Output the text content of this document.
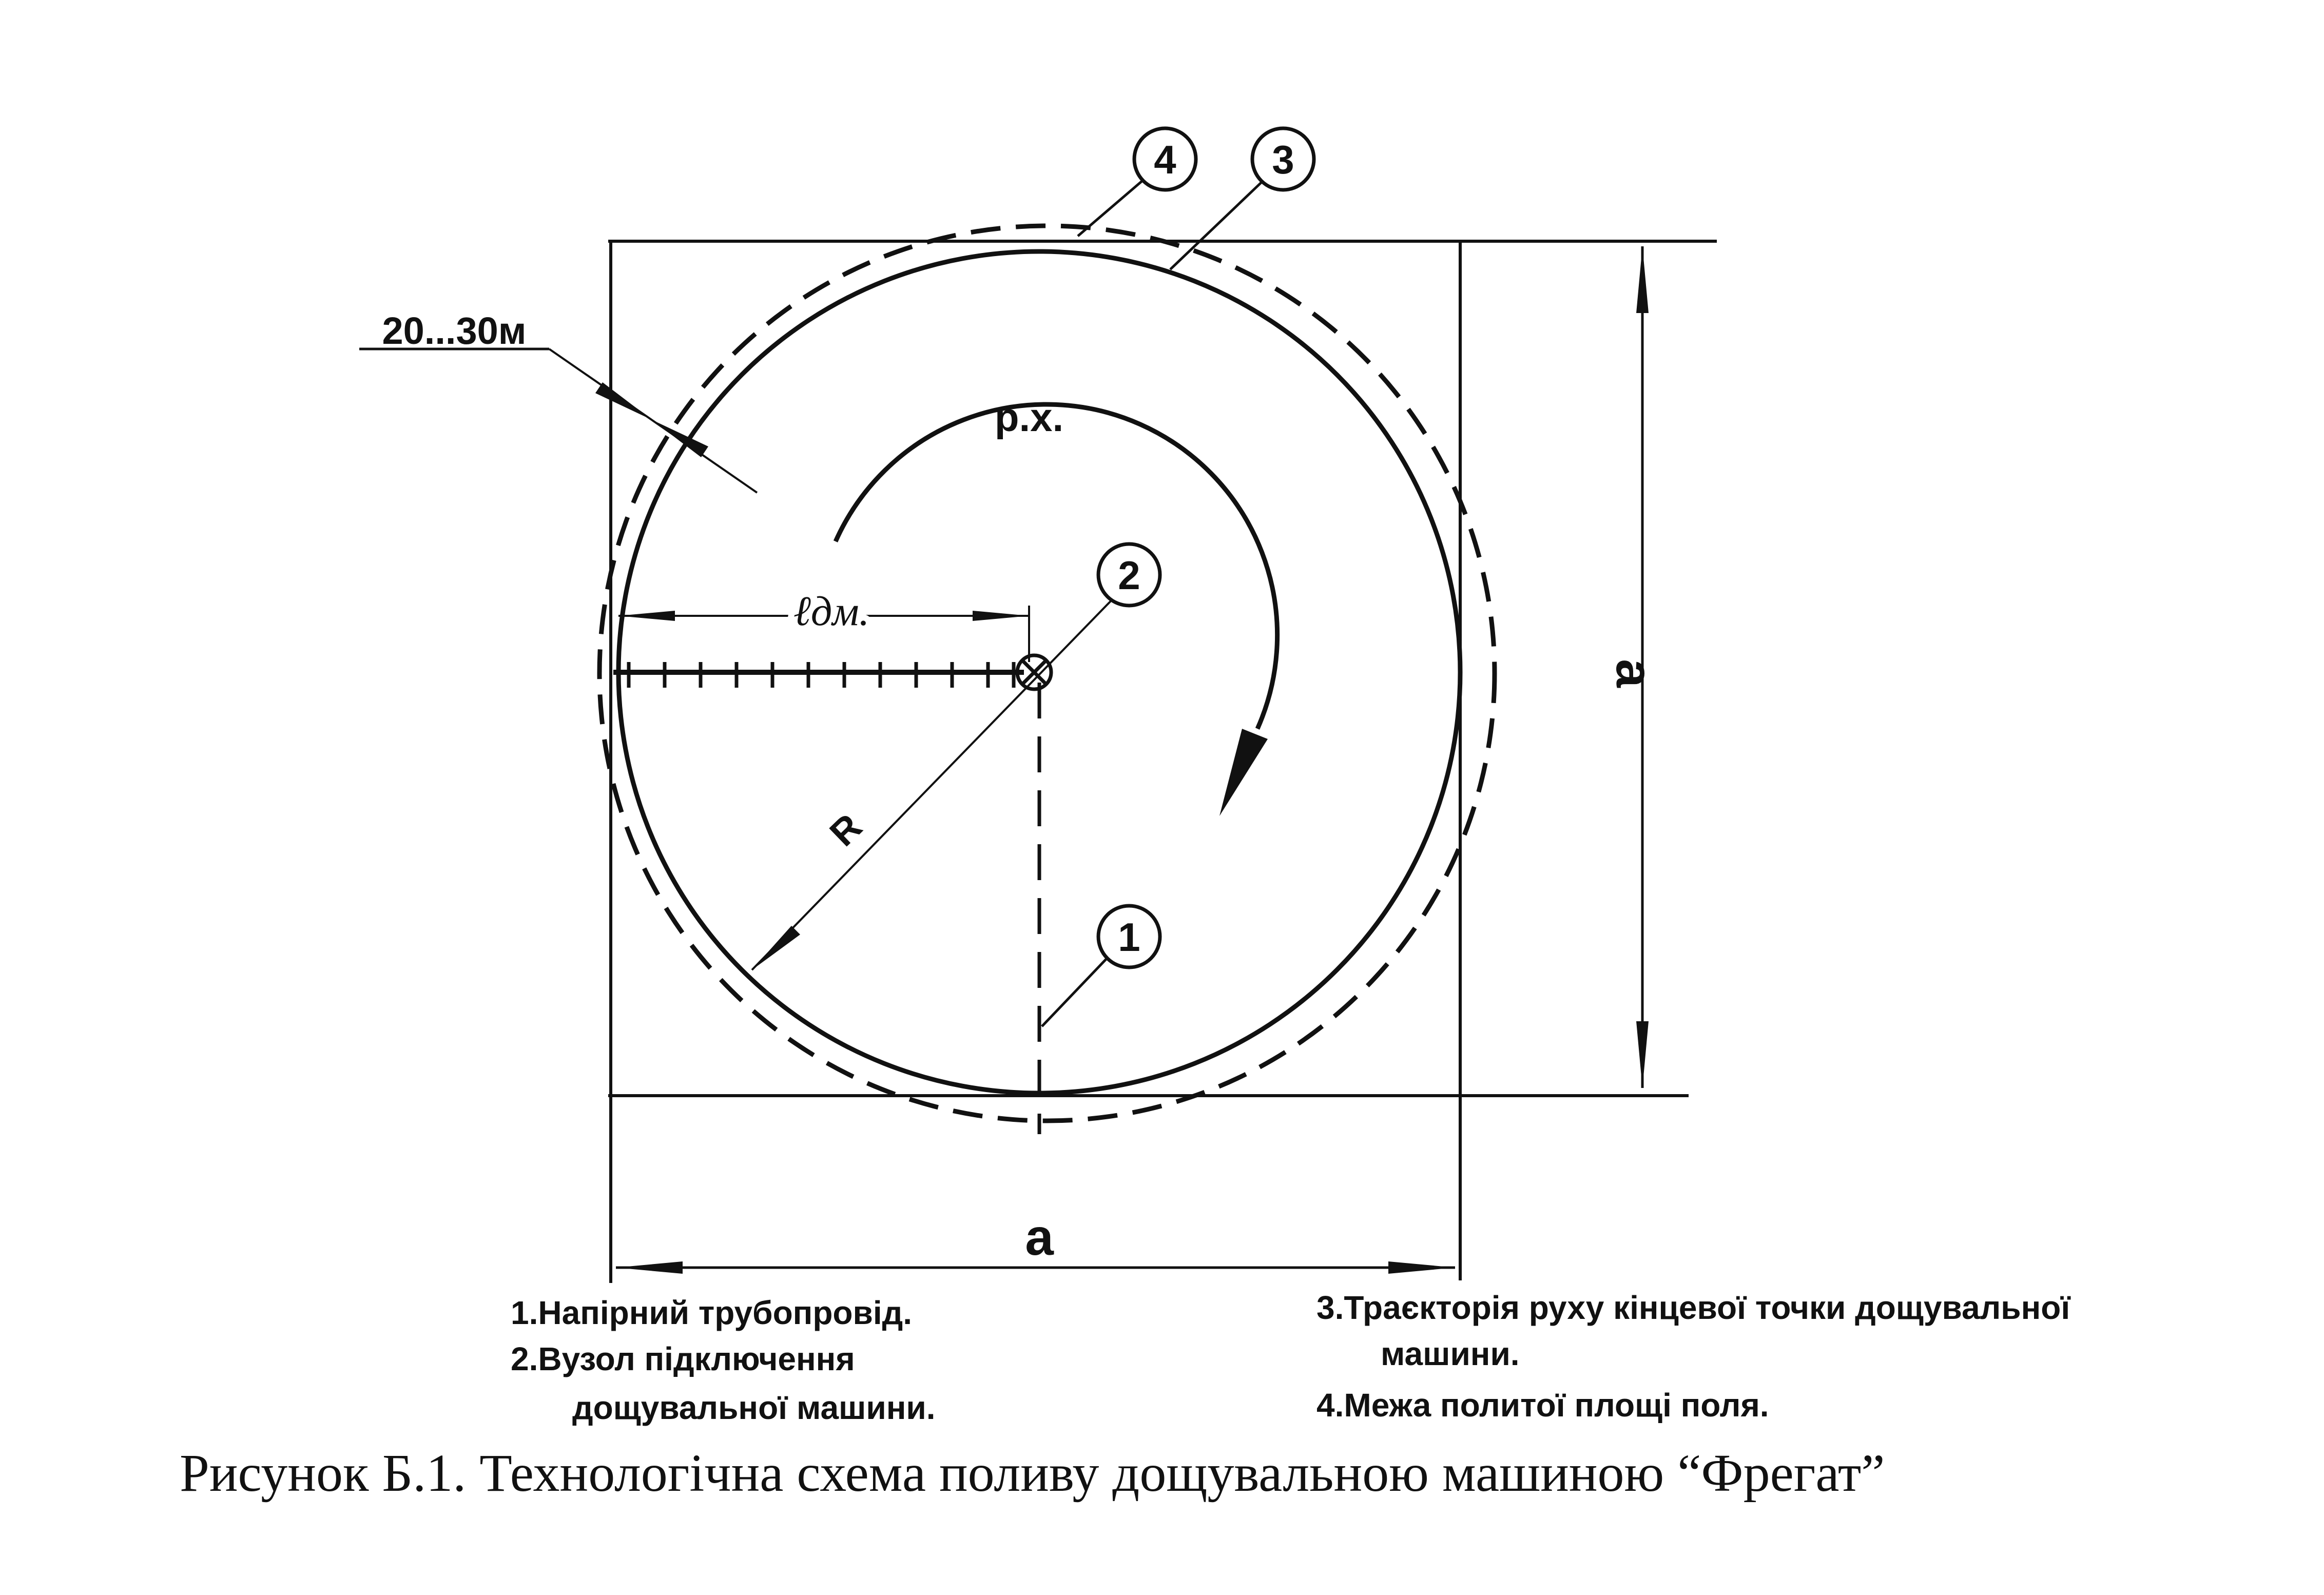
a
a
ℓдм.
R
р.х.
20...30м
4 3
2
1
1.Напірний трубопровід.
2.Вузол підключення
дощувальної машини.
3.Траєкторія руху кінцевої точки дощувальної
машини.
4.Межа политої площі поля.
Рисунок Б.1. Технологічна схема поливу дощувальною машиною “Фрегат”
